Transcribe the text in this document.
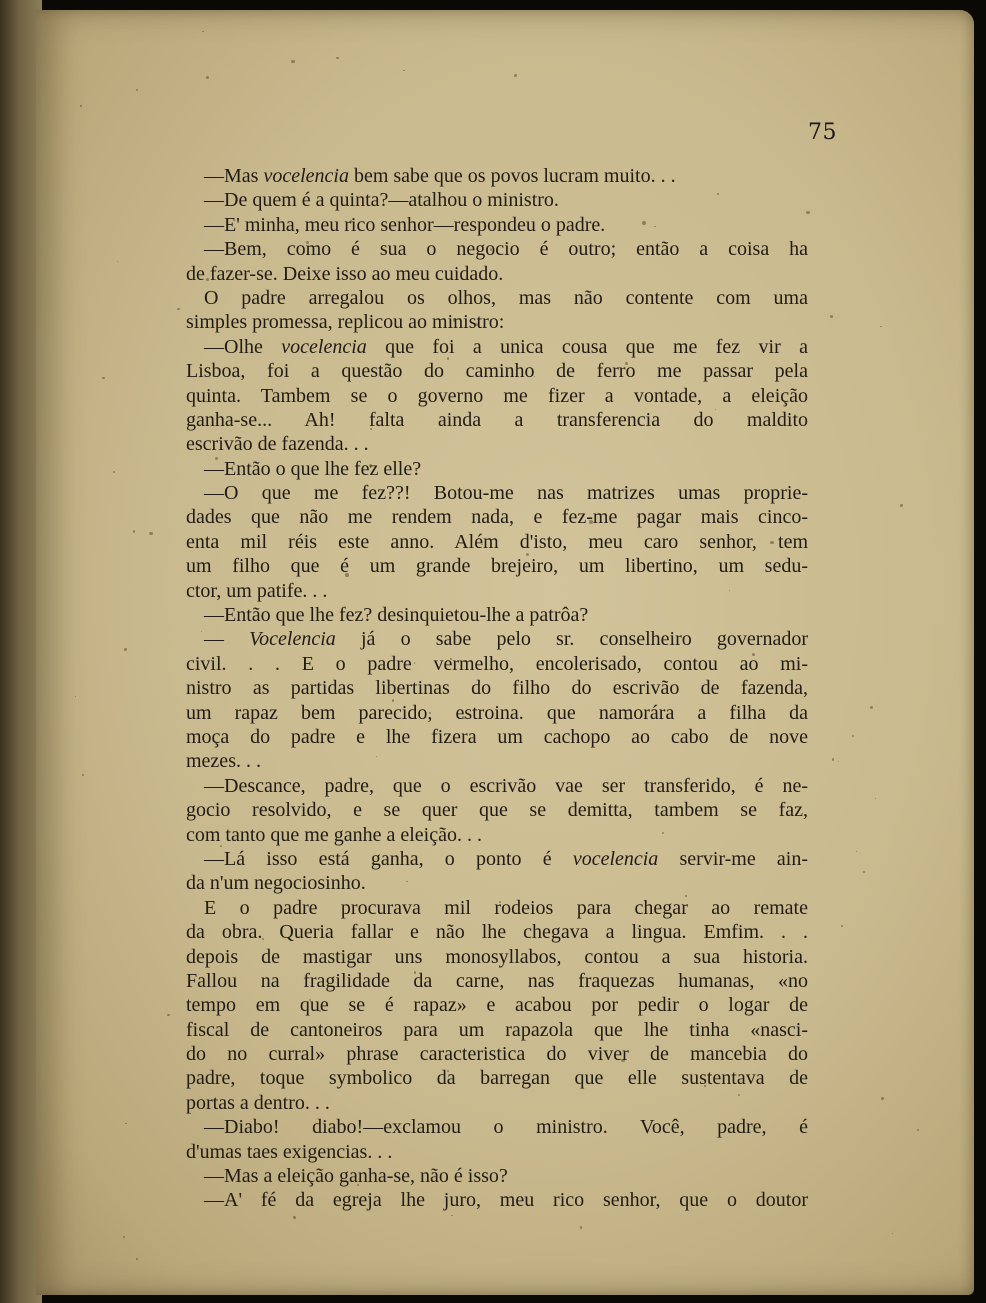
75
—Mas vocelencia bem sabe que os povos lucram muito. . .
—De quem é a quinta?—atalhou o ministro.
—E' minha, meu rico senhor—respondeu o padre.
—Bem, como é sua o negocio é outro; então a coisa ha
de fazer-se. Deixe isso ao meu cuidado.
O padre arregalou os olhos, mas não contente com uma
simples promessa, replicou ao ministro:
—Olhe vocelencia que foi a unica cousa que me fez vir a
Lisboa, foi a questão do caminho de ferro me passar pela
quinta. Tambem se o governo me fizer a vontade, a eleição
ganha-se... Ah! falta ainda a transferencia do maldito
escrivão de fazenda. . .
—Então o que lhe fez elle?
—O que me fez??! Botou-me nas matrizes umas proprie-
dades que não me rendem nada, e fez-me pagar mais cinco-
enta mil réis este anno. Além d'isto, meu caro senhor, tem
um filho que é um grande brejeiro, um libertino, um sedu-
ctor, um patife. . .
—Então que lhe fez? desinquietou-lhe a patrôa?
— Vocelencia já o sabe pelo sr. conselheiro governador
civil. . . E o padre vermelho, encolerisado, contou ao mi-
nistro as partidas libertinas do filho do escrivão de fazenda,
um rapaz bem parecido, estroina. que namorára a filha da
moça do padre e lhe fizera um cachopo ao cabo de nove
mezes. . .
—Descance, padre, que o escrivão vae ser transferido, é ne-
gocio resolvido, e se quer que se demitta, tambem se faz,
com tanto que me ganhe a eleição. . .
—Lá isso está ganha, o ponto é vocelencia servir-me ain-
da n'um negociosinho.
E o padre procurava mil rodeios para chegar ao remate
da obra. Queria fallar e não lhe chegava a lingua. Emfim. . .
depois de mastigar uns monosyllabos, contou a sua historia.
Fallou na fragilidade da carne, nas fraquezas humanas, «no
tempo em que se é rapaz» e acabou por pedir o logar de
fiscal de cantoneiros para um rapazola que lhe tinha «nasci-
do no curral» phrase caracteristica do viver de mancebia do
padre, toque symbolico da barregan que elle sustentava de
portas a dentro. . .
—Diabo! diabo!—exclamou o ministro. Você, padre, é
d'umas taes exigencias. . .
—Mas a eleição ganha-se, não é isso?
—A' fé da egreja lhe juro, meu rico senhor, que o doutor
